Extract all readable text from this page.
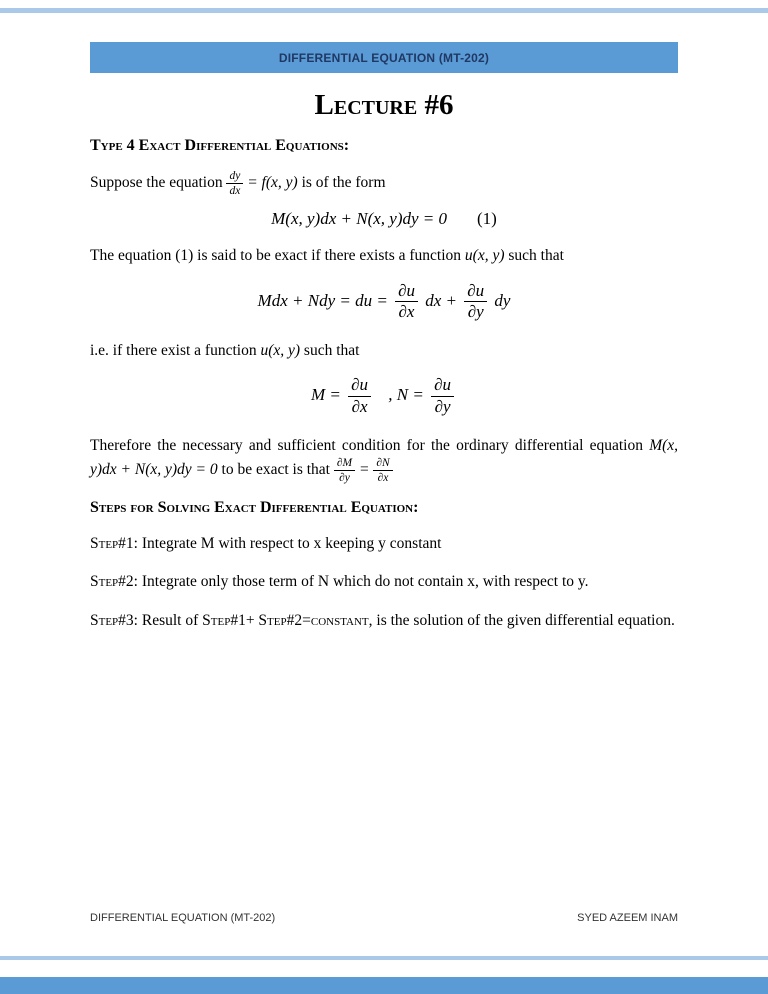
DIFFERENTIAL EQUATION (MT-202)
Lecture #6
Type 4 Exact Differential Equations:

Suppose the equation $\frac{dy}{dx} = f(x$, y) is of the form

M(x, y)dx + N(x, y)dy = 0 (1)

The equation (1) is said to be exact if there exists a function u(x, y) such that

Mdx + Ndy = du = $\frac{\partial u}{\partial x}$ dx + $\frac{\partial u}{\partial y}$ dy

i.e. if there exist a function u(x, y) such that

$M = \frac{\partial u}{\partial x}$ , $N = \frac{\partial u}{\partial y}$

Therefore the necessary and sufficient condition for the ordinary differential equation M(x, y)dx + N(x, y)dy = 0 to be exact is that $\frac{\partial M}{\partial y} = \frac{\partial N}{\partial x}$

Steps for Solving Exact Differential Equation:

Step#1: Integrate M with respect to x keeping y constant

Step#2: Integrate only those term of N which do not contain x, with respect to y.

Step#3: Result of Step#1+ Step#2=constant, is the solution of the given differential equation.

DIFFERENTIAL EQUATION (MT-202)	SYED AZEEM INAM
